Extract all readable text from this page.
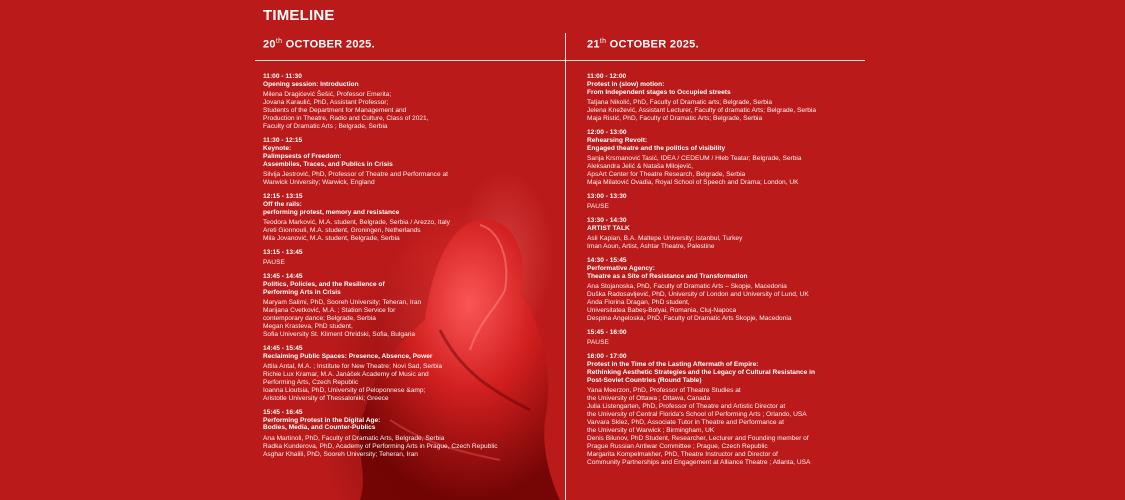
TIMELINE
20th OCTOBER 2025.	21th OCTOBER 2025.
11:00 - 11:30
Opening session: Introduction
Milena Dragićević Šešić, Professor Emerita;
Jovana Karaulić, PhD, Assistant Professor;
Students of the Department for Management and
Production in Theatre, Radio and Culture, Class of 2021,
Faculty of Dramatic Arts ; Belgrade, Serbia
11:30 - 12:15
Keynote:
Palimpsests of Freedom:
Assemblies, Traces, and Publics in Crisis
Silvija Jestrović, PhD, Professor of Theatre and Performance at
Warwick University; Warwick, England
12:15 - 13:15
Off the rails:
performing protest, memory and resistance
Teodora Marković, M.A. student, Belgrade, Serbia / Arezzo, Italy
Areti Gionnouli, M.A. student, Groningen, Netherlands
Mila Jovanović, M.A. student, Belgrade, Serbia
13:15 - 13:45
PAUSE
13:45 - 14:45
Politics, Policies, and the Resilience of
Performing Arts in Crisis
Maryam Salimi, PhD, Sooreh University; Teheran, Iran
Marijana Cvetković, M.A. ; Station Service for
contemporary dance; Belgrade, Serbia
Megan Krasteva, PhD student,
Sofia University St. Kliment Ohridski, Sofia, Bulgaria
14:45 - 15:45
Reclaiming Public Spaces: Presence, Absence, Power
Attila Antal, M.A. ; Institute for New Theatre; Novi Sad, Serbia
Richie Lux Kramar, M.A. Janáček Academy of Music and
Performing Arts, Czech Republic
Ioanna Lioutsia, PhD, University of Peloponnese &amp;
Aristotle University of Thessaloniki; Greece
15:45 - 16:45
Performing Protest in the Digital Age:
Bodies, Media, and Counter-Publics
Ana Martinoli, PhD, Faculty of Dramatic Arts, Belgrade, Serbia
Radka Kunderova, PhD, Academy of Performing Arts in Prague, Czech Republic
Asghar Khalili, PhD, Sooreh University; Teheran, Iran
11:00 - 12:00
Protest in (slow) motion:
From Independent stages to Occupied streets
Tatjana Nikolić, PhD, Faculty of Dramatic arts; Belgrade, Serbia
Jelena Knežević, Assistant Lecturer, Faculty of dramatic Arts; Belgrade, Serbia
Maja Ristić, PhD, Faculty of Dramatic Arts; Belgrade, Serbia
12:00 - 13:00
Rehearsing Revolt:
Engaged theatre and the politics of visibility
Sanja Krsmanović Tasić, IDEA / CEDEUM / Hleb Teatar; Belgrade, Serbia
Aleksandra Jelić & Nataša Milojević,
ApsArt Center for Theatre Research, Belgrade, Serbia
Maja Milatović Ovadia, Royal School of Speech and Drama; London, UK
13:00 - 13:30
PAUSE
13:30 - 14:30
ARTIST TALK
Asli Kapian, B.A. Maltepe University; Istanbul, Turkey
Iman Aoun, Artist, Ashtar Theatre, Palestine
14:30 - 15:45
Performative Agency:
Theatre as a Site of Resistance and Transformation
Ana Stojanoska, PhD, Faculty of Dramatic Arts – Skopje, Macedonia
Duška Radosavljević, PhD, University of London and University of Lund, UK
Anda Florina Dragan, PhD student,
Universitatea Babeș-Bolyai, Romania, Cluj-Napoca
Despina Angeloska, PhD, Faculty of Dramatic Arts Skopje, Macedonia
15:45 - 16:00
PAUSE
16:00 - 17:00
Protest in the Time of the Lasting Aftermath of Empire:
Rethinking Aesthetic Strategies and the Legacy of Cultural Resistance in
Post-Soviet Countries (Round Table)
Yana Meerzon, PhD, Professor of Theatre Studies at
the University of Ottawa ; Ottawa, Canada
Julia Listengarten, PhD, Professor of Theatre and Artistic Director at
the University of Central Florida's School of Performing Arts ; Orlando, USA
Varvara Sklez, PhD, Associate Tutor in Theatre and Performance at
the University of Warwick ; Birmingham, UK
Denis Bilunov, PhD Student, Researcher, Lecturer and Founding member of
Prague Russian Antiwar Committee ; Prague, Czech Republic
Margarita Kompelmakher, PhD, Theatre Instructor and Director of
Community Partnerships and Engagement at Alliance Theatre ; Atlanta, USA
